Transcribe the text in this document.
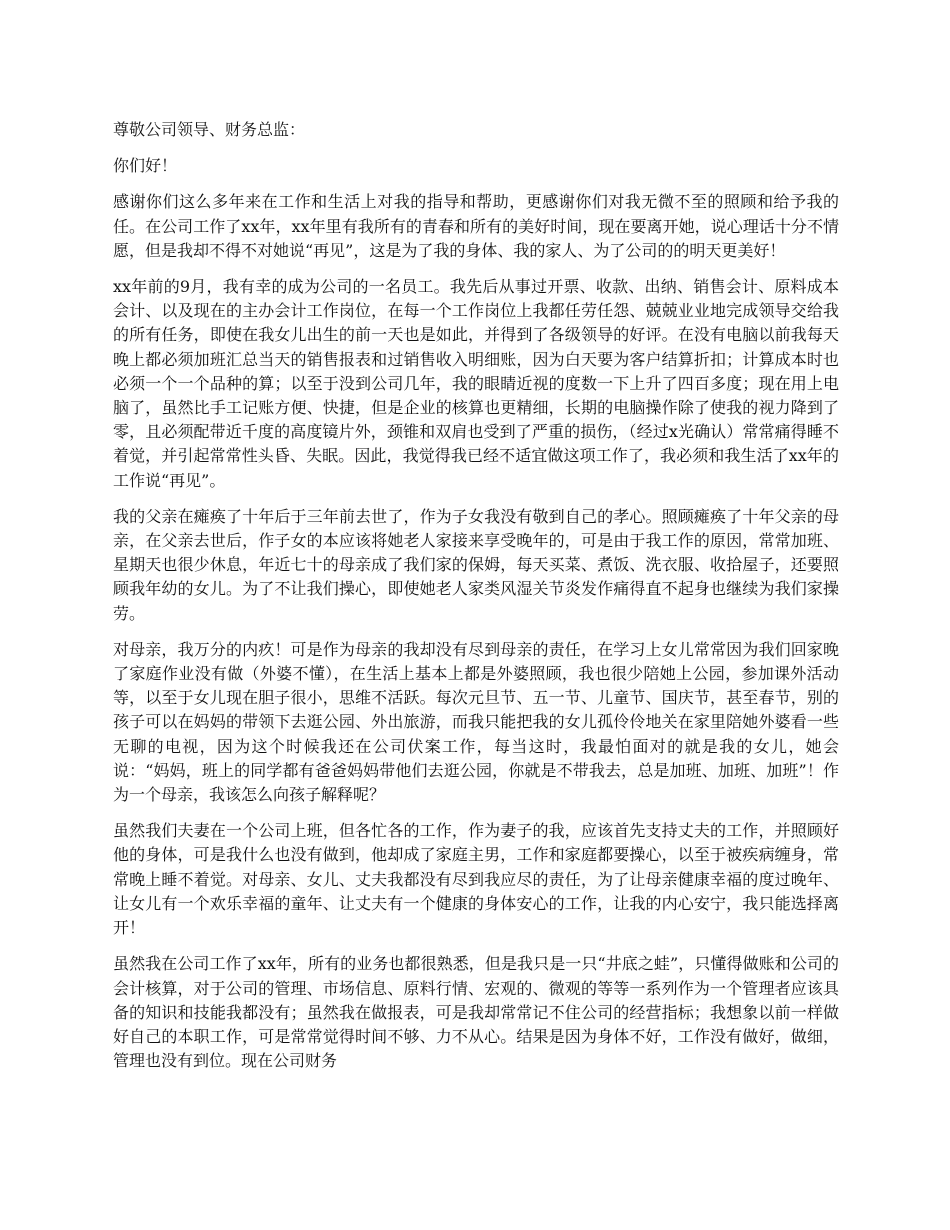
尊敬公司领导、财务总监：

你们好！

感谢你们这么多年来在工作和生活上对我的指导和帮助，更感谢你们对我无微不至的照顾和给予我的任。在公司工作了xx年，xx年里有我所有的青春和所有的美好时间，现在要离开她，说心理话十分不情愿，但是我却不得不对她说“再见”，这是为了我的身体、我的家人、为了公司的的明天更美好！

xx年前的9月，我有幸的成为公司的一名员工。我先后从事过开票、收款、出纳、销售会计、原料成本会计、以及现在的主办会计工作岗位，在每一个工作岗位上我都任劳任怨、兢兢业业地完成领导交给我的所有任务，即使在我女儿出生的前一天也是如此，并得到了各级领导的好评。在没有电脑以前我每天晚上都必须加班汇总当天的销售报表和过销售收入明细账，因为白天要为客户结算折扣；计算成本时也必须一个一个品种的算；以至于没到公司几年，我的眼睛近视的度数一下上升了四百多度；现在用上电脑了，虽然比手工记账方便、快捷，但是企业的核算也更精细，长期的电脑操作除了使我的视力降到了零，且必须配带近千度的高度镜片外，颈锥和双肩也受到了严重的损伤，（经过x光确认）常常痛得睡不着觉，并引起常常性头昏、失眠。因此，我觉得我已经不适宜做这项工作了，我必须和我生活了xx年的工作说“再见”。

我的父亲在瘫痪了十年后于三年前去世了，作为子女我没有敬到自己的孝心。照顾瘫痪了十年父亲的母亲，在父亲去世后，作子女的本应该将她老人家接来享受晚年的，可是由于我工作的原因，常常加班、星期天也很少休息，年近七十的母亲成了我们家的保姆，每天买菜、煮饭、洗衣服、收拾屋子，还要照顾我年幼的女儿。为了不让我们操心，即使她老人家类风湿关节炎发作痛得直不起身也继续为我们家操劳。

对母亲，我万分的内疚！可是作为母亲的我却没有尽到母亲的责任，在学习上女儿常常因为我们回家晚了家庭作业没有做（外婆不懂），在生活上基本上都是外婆照顾，我也很少陪她上公园，参加课外活动等，以至于女儿现在胆子很小，思维不活跃。每次元旦节、五一节、儿童节、国庆节，甚至春节，别的孩子可以在妈妈的带领下去逛公园、外出旅游，而我只能把我的女儿孤伶伶地关在家里陪她外婆看一些无聊的电视，因为这个时候我还在公司伏案工作，每当这时，我最怕面对的就是我的女儿，她会说：“妈妈，班上的同学都有爸爸妈妈带他们去逛公园，你就是不带我去，总是加班、加班、加班”！作为一个母亲，我该怎么向孩子解释呢？

虽然我们夫妻在一个公司上班，但各忙各的工作，作为妻子的我，应该首先支持丈夫的工作，并照顾好他的身体，可是我什么也没有做到，他却成了家庭主男，工作和家庭都要操心，以至于被疾病缠身，常常晚上睡不着觉。对母亲、女儿、丈夫我都没有尽到我应尽的责任，为了让母亲健康幸福的度过晚年、让女儿有一个欢乐幸福的童年、让丈夫有一个健康的身体安心的工作，让我的内心安宁，我只能选择离开！

虽然我在公司工作了xx年，所有的业务也都很熟悉，但是我只是一只“井底之蛙”，只懂得做账和公司的会计核算，对于公司的管理、市场信息、原料行情、宏观的、微观的等等一系列作为一个管理者应该具备的知识和技能我都没有；虽然我在做报表，可是我却常常记不住公司的经营指标；我想象以前一样做好自己的本职工作，可是常常觉得时间不够、力不从心。结果是因为身体不好，工作没有做好，做细，管理也没有到位。现在公司财务
